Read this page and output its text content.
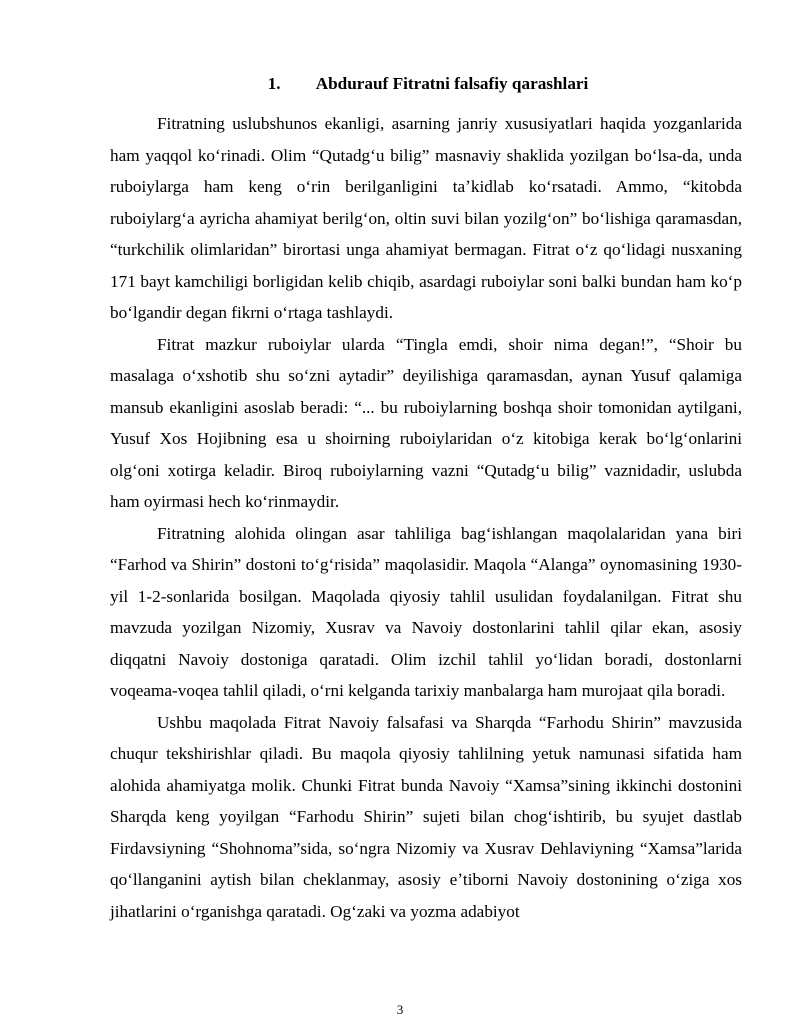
1. Abdurauf Fitratni falsafiy qarashlari

Fitratning uslubshunos ekanligi, asarning janriy xususiyatlari haqida yozganlarida ham yaqqol koʻrinadi. Olim “Qutadgʻu bilig” masnaviy shaklida yozilgan boʻlsa-da, unda ruboiylarga ham keng oʻrin berilganligini taʼkidlab koʻrsatadi. Ammo, “kitobda ruboiylargʻa ayricha ahamiyat berilgʻon, oltin suvi bilan yozilgʻon” boʻlishiga qaramasdan, “turkchilik olimlaridan” birortasi unga ahamiyat bermagan. Fitrat oʻz qoʻlidagi nusxaning 171 bayt kamchiligi borligidan kelib chiqib, asardagi ruboiylar soni balki bundan ham koʻp boʻlgandir degan fikrni oʻrtaga tashlaydi.

Fitrat mazkur ruboiylar ularda “Tingla emdi, shoir nima degan!”, “Shoir bu masalaga oʻxshotib shu soʻzni aytadir” deyilishiga qaramasdan, aynan Yusuf qalamiga mansub ekanligini asoslab beradi: “... bu ruboiylarning boshqa shoir tomonidan aytilgani, Yusuf Xos Hojibning esa u shoirning ruboiylaridan oʻz kitobiga kerak boʻlgʻonlarini olgʻoni xotirga keladir. Biroq ruboiylarning vazni “Qutadgʻu bilig” vaznidadir, uslubda ham oyirmasi hech koʻrinmaydir.

Fitratning alohida olingan asar tahliliga bagʻishlangan maqolalaridan yana biri “Farhod va Shirin” dostoni toʻgʻrisida” maqolasidir. Maqola “Alanga” oynomasining 1930-yil 1-2-sonlarida bosilgan. Maqolada qiyosiy tahlil usulidan foydalanilgan. Fitrat shu mavzuda yozilgan Nizomiy, Xusrav va Navoiy dostonlarini tahlil qilar ekan, asosiy diqqatni Navoiy dostoniga qaratadi. Olim izchil tahlil yoʻlidan boradi, dostonlarni voqeama-voqea tahlil qiladi, oʻrni kelganda tarixiy manbalarga ham murojaat qila boradi.

Ushbu maqolada Fitrat Navoiy falsafasi va Sharqda “Farhodu Shirin” mavzusida chuqur tekshirishlar qiladi. Bu maqola qiyosiy tahlilning yetuk namunasi sifatida ham alohida ahamiyatga molik. Chunki Fitrat bunda Navoiy “Xamsa”sining ikkinchi dostonini Sharqda keng yoyilgan “Farhodu Shirin” sujeti bilan chogʻishtirib, bu syujet dastlab Firdavsiyning “Shohnoma”sida, soʻngra Nizomiy va Xusrav Dehlaviyning “Xamsa”larida qoʻllanganini aytish bilan cheklanmay, asosiy eʼtiborni Navoiy dostonining oʻziga xos jihatlarini oʻrganishga qaratadi. Ogʻzaki va yozma adabiyot

3
